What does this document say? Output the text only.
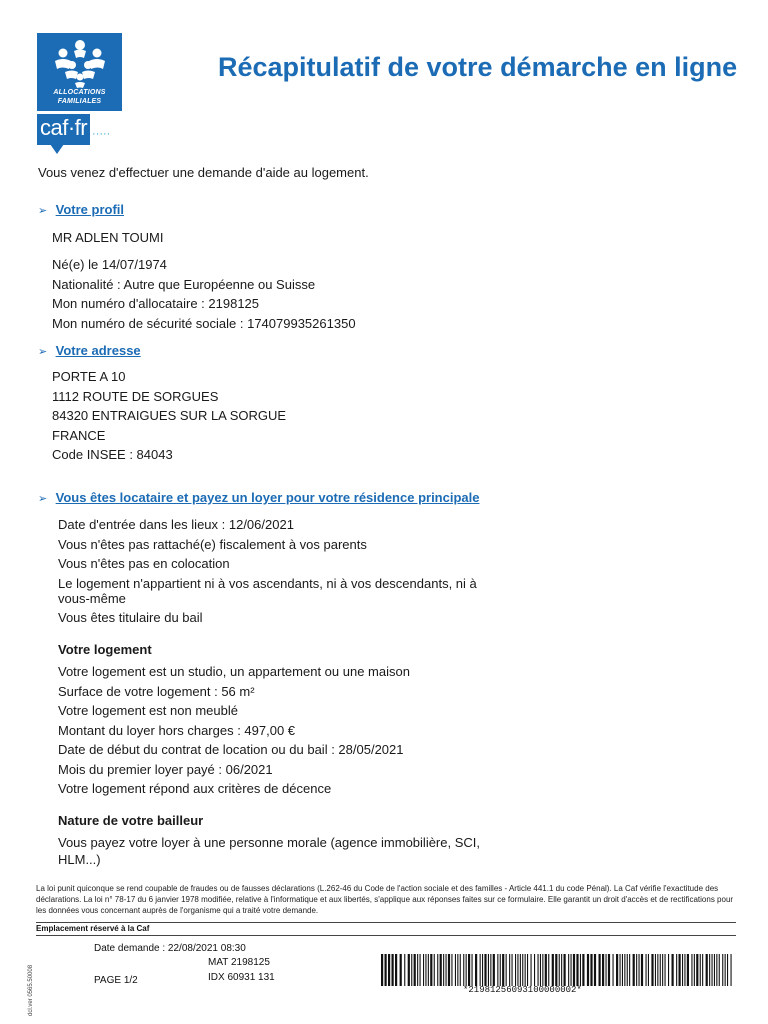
ALLOCATIONS
FAMILIALES
caf·fr ·····
Récapitulatif de votre démarche en ligne
Vous venez d'effectuer une demande d'aide au logement.
➢ Votre profil
MR ADLEN TOUMI
Né(e) le 14/07/1974
Nationalité : Autre que Européenne ou Suisse
Mon numéro d'allocataire : 2198125
Mon numéro de sécurité sociale : 174079935261350
➢ Votre adresse
PORTE A 10
1112 ROUTE DE SORGUES
84320 ENTRAIGUES SUR LA SORGUE
FRANCE
Code INSEE : 84043
➢ Vous êtes locataire et payez un loyer pour votre résidence principale
Date d'entrée dans les lieux : 12/06/2021
Vous n'êtes pas rattaché(e) fiscalement à vos parents
Vous n'êtes pas en colocation
Le logement n'appartient ni à vos ascendants, ni à vos descendants, ni à
vous-même
Vous êtes titulaire du bail
Votre logement
Votre logement est un studio, un appartement ou une maison
Surface de votre logement : 56 m²
Votre logement est non meublé
Montant du loyer hors charges : 497,00 €
Date de début du contrat de location ou du bail : 28/05/2021
Mois du premier loyer payé : 06/2021
Votre logement répond aux critères de décence
Nature de votre bailleur
Vous payez votre loyer à une personne morale (agence immobilière, SCI,
HLM...)
La loi punit quiconque se rend coupable de fraudes ou de fausses déclarations (L.262-46 du Code de l'action sociale et des familles - Article 441.1 du code Pénal). La Caf vérifie l'exactitude des déclarations. La loi n° 78-17 du 6 janvier 1978 modifiée, relative à l'informatique et aux libertés, s'applique aux réponses faites sur ce formulaire. Elle garantit un droit d'accès et de rectifications pour les données vous concernant auprès de l'organisme qui a traité votre demande.
Emplacement réservé à la Caf
dcl.ver 0565.50008
Date demande : 22/08/2021 08:30
MAT 2198125
IDX 60931 131
PAGE 1/2
*21981256093100000002*
